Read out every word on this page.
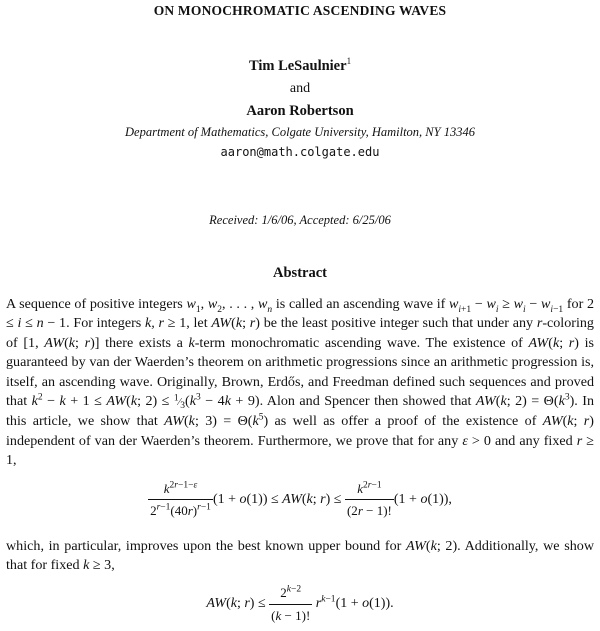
ON MONOCHROMATIC ASCENDING WAVES
Tim LeSaulnier$^1$
and
Aaron Robertson
Department of Mathematics, Colgate University, Hamilton, NY 13346
aaron@math.colgate.edu
Received: 1/6/06, Accepted: 6/25/06
Abstract

A sequence of positive integers $w_1$, $w_2$, . . . , $w_n$ is called an ascending wave if $w_{i+1} - w_i \ge w_i - w_{i-1}$ for 2 ≤ i ≤ n − 1. For integers k, r ≥ 1, let AW(k; r) be the least positive integer such that under any r-coloring of [1, AW(k; r)] there exists a k-term monochromatic ascending wave. The existence of AW(k; r) is guaranteed by van der Waerden’s theorem on arithmetic progressions since an arithmetic progression is, itself, an ascending wave. Originally, Brown, Erdős, and Freedman defined such sequences and proved that $k^2 - k + 1 \le AW(k$; $2) \le ^1⁄_3(k^3 - 4k + 9)$. Alon and Spencer then showed that AW(k; $2) = \Theta(k^3)$. In this article, we show that AW(k; $3) = \Theta(k^5)$ as well as offer a proof of the existence of AW(k; r) independent of van der Waerden’s theorem. Furthermore, we prove that for any ε > 0 and any fixed r ≥ 1,

$\frac{k^{2r-1-\varepsilon}}{2^{r-1}(40r)^{r-1}} (1 + o(1)) \le AW(k$; $r) \le \frac{k^{2r-1}}{(2r - 1)!} (1 + o(1))$,

which, in particular, improves upon the best known upper bound for AW(k; 2). Additionally, we show that for fixed k ≥ 3,

AW(k; $r) \le \frac{2^{k-2}}{(k - 1)!} r^{k-1}(1 + o(1))$.
